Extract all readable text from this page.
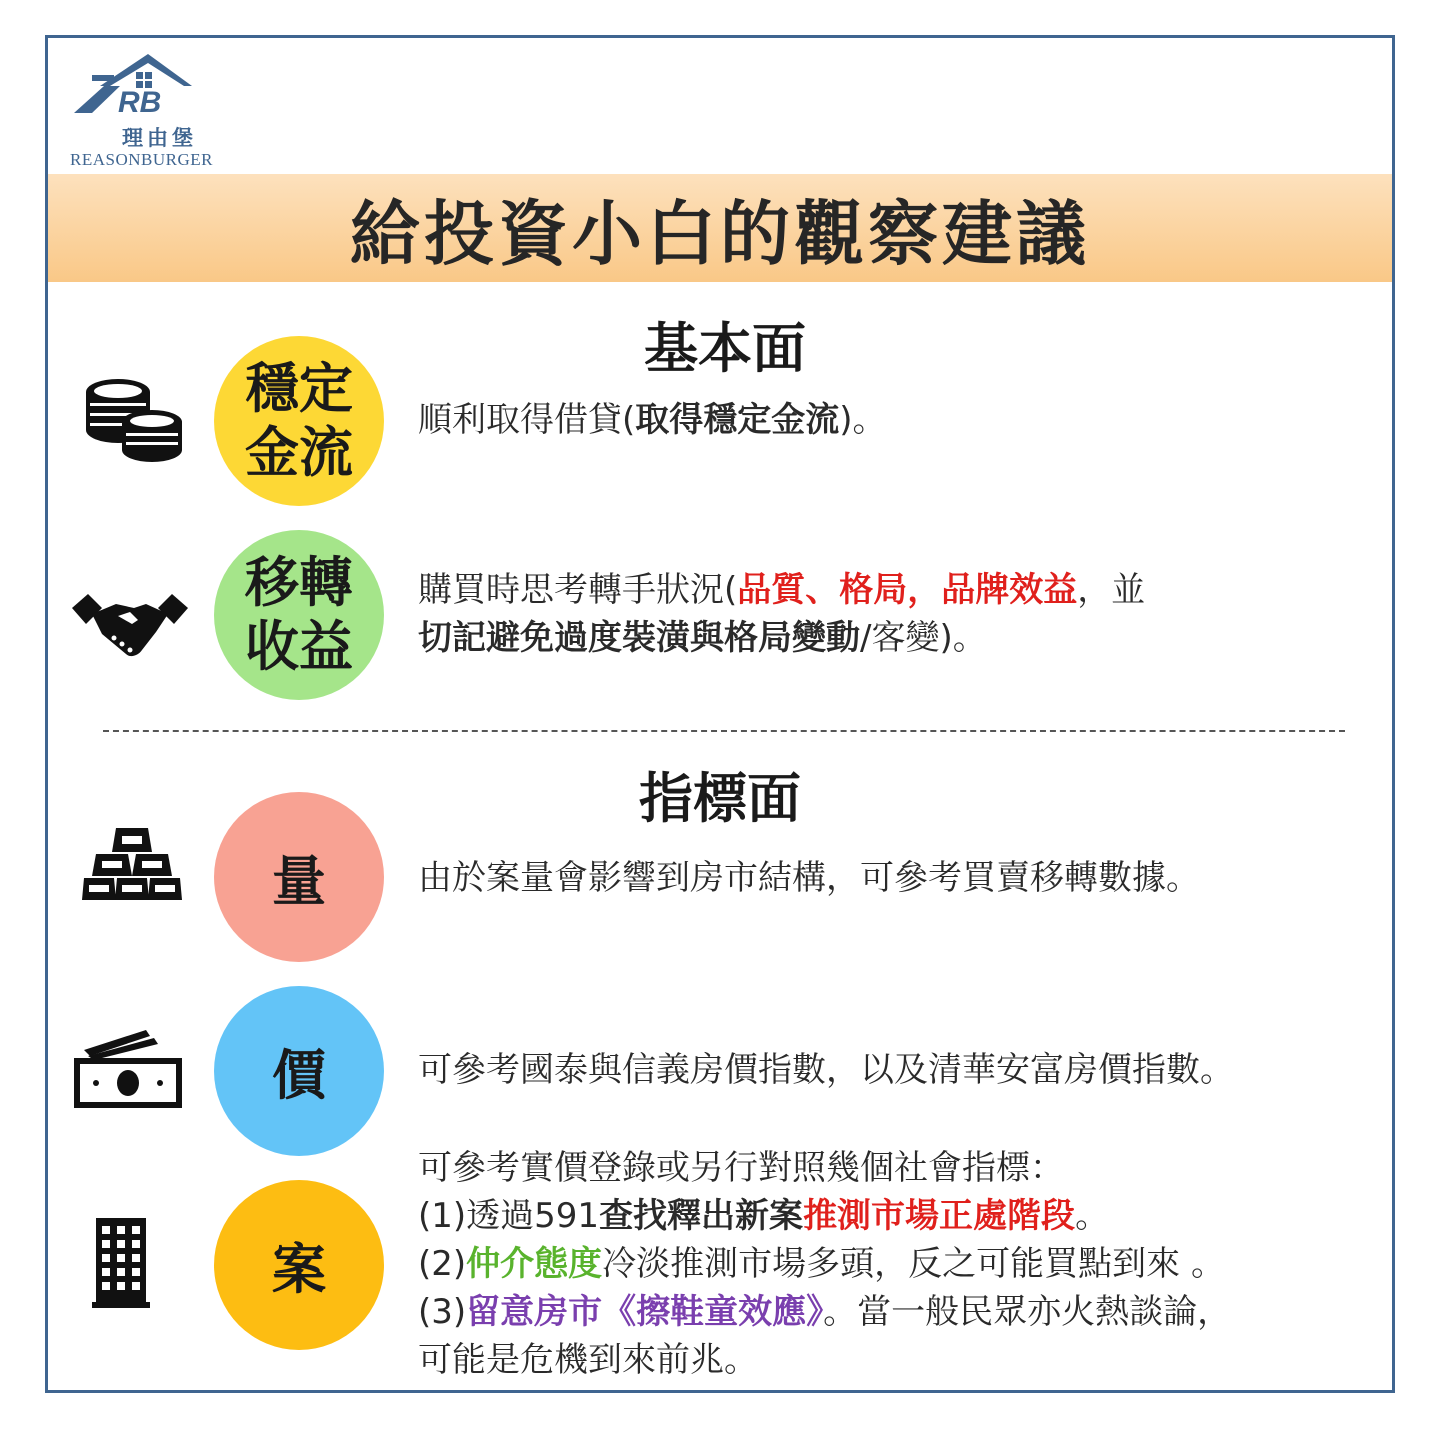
RB
理由堡
REASONBURGER
給投資小白的觀察建議
基本面
穩定
金流
順利取得借貸(取得穩定金流)。
移轉
收益
購買時思考轉手狀況(品質、格局，品牌效益，並
切記避免過度裝潢與格局變動/客變)。
指標面
量	由於案量會影響到房市結構，可參考買賣移轉數據。
價	可參考國泰與信義房價指數，以及清華安富房價指數。
案
可參考實價登錄或另行對照幾個社會指標：
(1)透過591查找釋出新案推測市場正處階段。
(2)仲介態度冷淡推測市場多頭，反之可能買點到來 。
(3)留意房市《擦鞋童效應》。當一般民眾亦火熱談論，
可能是危機到來前兆。
